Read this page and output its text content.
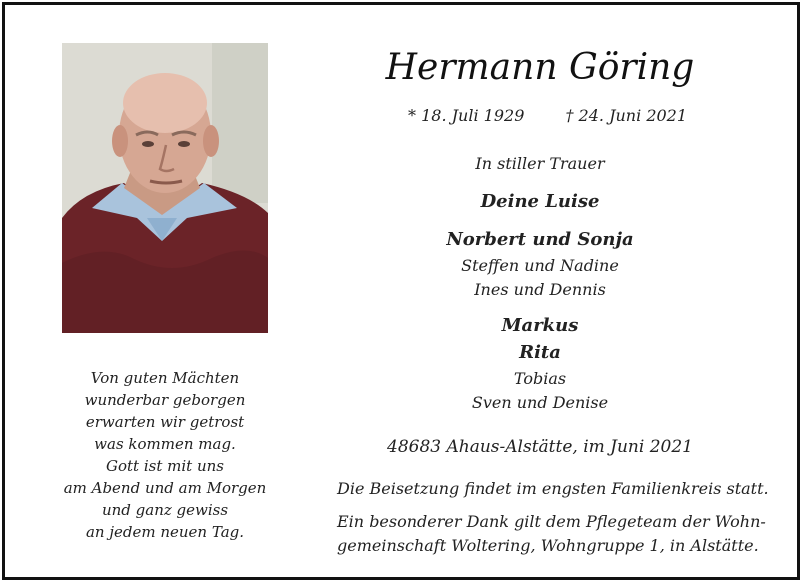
Von guten Mächten
wunderbar geborgen
erwarten wir getrost
was kommen mag.
Gott ist mit uns
am Abend und am Morgen
und ganz gewiss
an jedem neuen Tag.
Hermann Göring
* 18. Juli 1929	† 24. Juni 2021
In stiller Trauer
Deine Luise
Norbert und Sonja
Steffen und Nadine
Ines und Dennis
Markus
Rita
Tobias
Sven und Denise
48683 Ahaus-Alstätte, im Juni 2021
Die Beisetzung findet im engsten Familienkreis statt.
Ein besonderer Dank gilt dem Pflegeteam der Wohn-
gemeinschaft Woltering, Wohngruppe 1, in Alstätte.
